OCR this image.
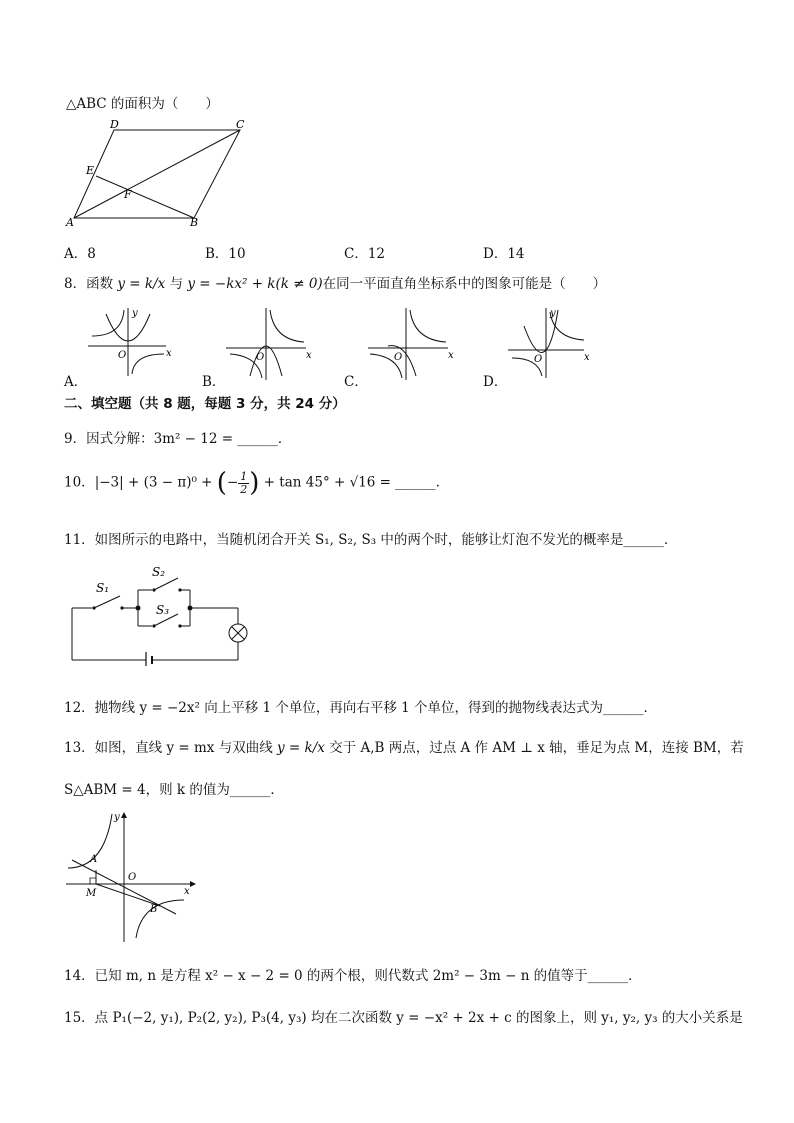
△ABC 的面积为（　　）
D	C
E
F
A	B
A．8	B．10	C．12	D．14
8．函数 y = k/x 与 y = −kx² + k(k ≠ 0)在同一平面直角坐标系中的图象可能是（　　）
x
y
O	x
O	x
O	x
y
O
A．	B．	C．	D．
二、填空题（共 8 题，每题 3 分，共 24 分）
9．因式分解：3m² − 12 = ______．
10．|−3| + (3 − π)⁰ + (− $\frac{1}{2}$ ) + tan 45° + √16 = ______．
11．如图所示的电路中，当随机闭合开关 S₁, S₂, S₃ 中的两个时，能够让灯泡不发光的概率是______．
S₁
S₂
S₃
12．抛物线 y = −2x² 向上平移 1 个单位，再向右平移 1 个单位，得到的抛物线表达式为______．
13．如图，直线 y = mx 与双曲线 y = k/x 交于 A,B 两点，过点 A 作 AM ⊥ x 轴，垂足为点 M，连接 BM，若
S△ABM = 4，则 k 的值为______．
y
x
A
O
M
B
14．已知 m, n 是方程 x² − x − 2 = 0 的两个根，则代数式 2m² − 3m − n 的值等于______．
15．点 P₁(−2, y₁), P₂(2, y₂), P₃(4, y₃) 均在二次函数 y = −x² + 2x + c 的图象上，则 y₁, y₂, y₃ 的大小关系是
